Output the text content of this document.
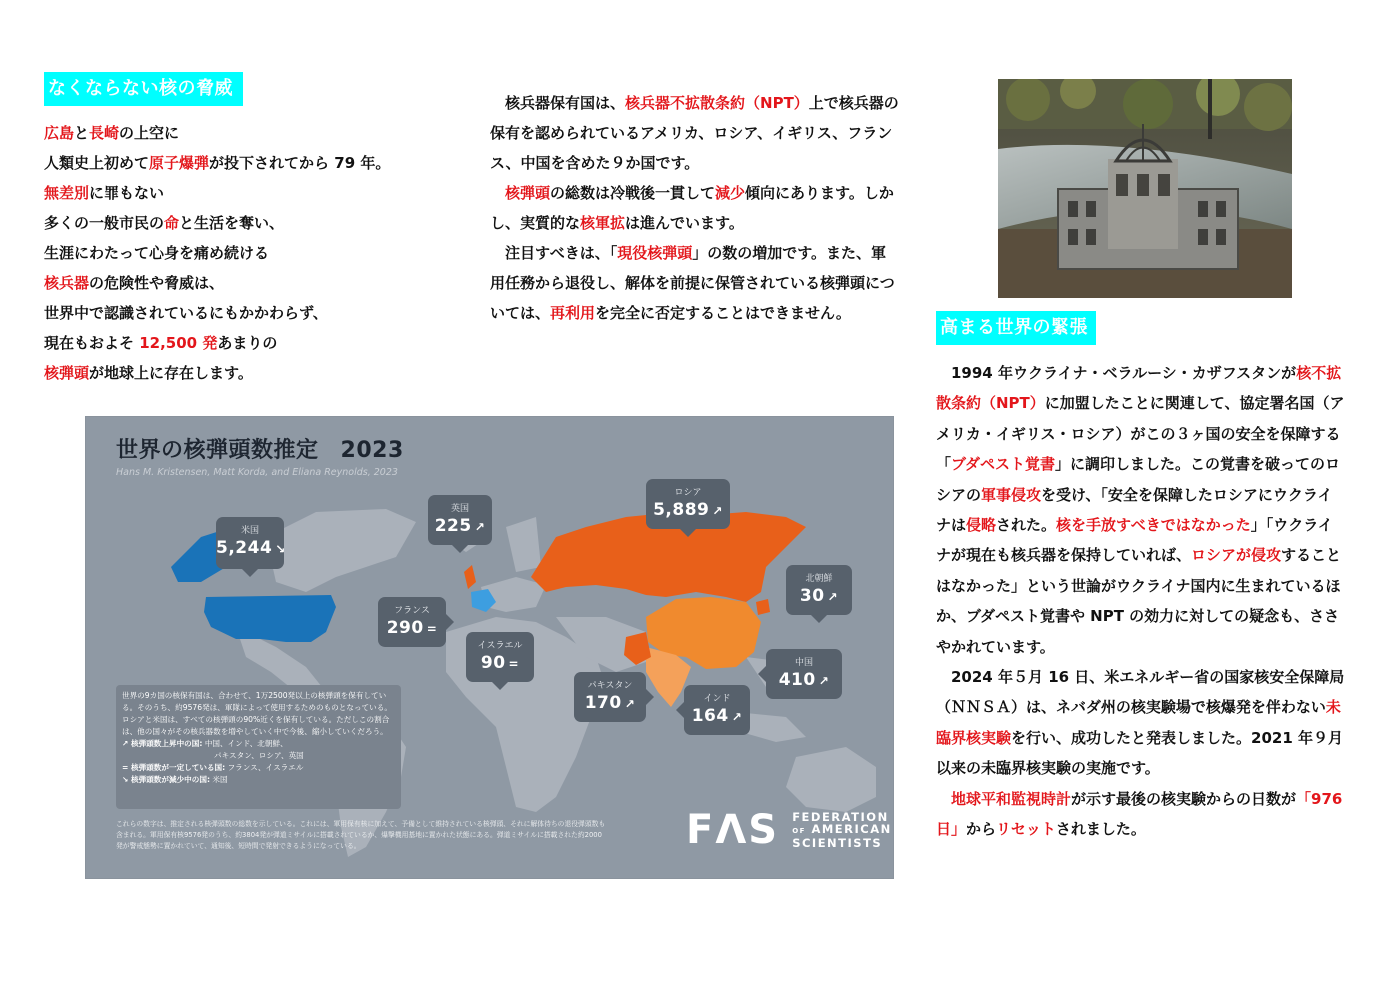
なくならない核の脅威
広島と長崎の上空に
人類史上初めて原子爆弾が投下されてから 79 年。
無差別に罪もない
多くの一般市民の命と生活を奪い、
生涯にわたって心身を痛め続ける
核兵器の危険性や脅威は、
世界中で認識されているにもかかわらず、
現在もおよそ 12,500 発あまりの
核弾頭が地球上に存在します。

核兵器保有国は、核兵器不拡散条約（NPT）上で核兵器の保有を認められているアメリカ、ロシア、イギリス、フランス、中国を含めた９か国です。

核弾頭の総数は冷戦後一貫して減少傾向にあります。しかし、実質的な核軍拡は進んでいます。

注目すべきは、「現役核弾頭」の数の増加です。また、軍用任務から退役し、解体を前提に保管されている核弾頭については、再利用を完全に否定することはできません。

高まる世界の緊張

1994 年ウクライナ・ベラルーシ・カザフスタンが核不拡散条約（NPT）に加盟したことに関連して、協定署名国（アメリカ・イギリス・ロシア）がこの３ヶ国の安全を保障する「ブダペスト覚書」に調印しました。この覚書を破ってのロシアの軍事侵攻を受け、「安全を保障したロシアにウクライナは侵略された。核を手放すべきではなかった」「ウクライナが現在も核兵器を保持していれば、ロシアが侵攻することはなかった」という世論がウクライナ国内に生まれているほか、ブダペスト覚書や NPT の効力に対しての疑念も、ささやかれています。

2024 年５月 16 日、米エネルギー省の国家核安全保障局（ＮＮＳＡ）は、ネバダ州の核実験場で核爆発を伴わない未臨界核実験を行い、成功したと発表しました。2021 年９月以来の未臨界核実験の実施です。

地球平和監視時計が示す最後の核実験からの日数が「976 日」からリセットされました。

世界の核弾頭数推定 2023
Hans M. Kristensen, Matt Korda, and Eliana Reynolds, 2023
米国
5,244 ↘
英国
225 ↗
ロシア
5,889 ↗
フランス
290 =
イスラエル
90 =
北朝鮮
30 ↗
中国
410 ↗
パキスタン
170 ↗	インド
164 ↗
世界の9カ国の核保有国は、合わせて、1万2500発以上の核弾頭を保有している。そのうち、約9576発は、軍隊によって使用するためのものとなっている。ロシアと米国は、すべての核弾頭の90%近くを保有している。ただしこの割合は、他の国々がその核兵器数を増やしていく中で今後、縮小していくだろう。
↗ 核弾頭数上昇中の国: 中国、インド、北朝鮮、
パキスタン、ロシア、英国
= 核弾頭数が一定している国: フランス、イスラエル
↘ 核弾頭数が減少中の国: 米国
これらの数字は、推定される核弾頭数の総数を示している。これには、軍用保有核に加えて、予備として維持されている核弾頭、それに解体待ちの退役弾頭数も含まれる。軍用保有核9576発のうち、約3804発が弾道ミサイルに搭載されているか、爆撃機用基地に置かれた状態にある。弾道ミサイルに搭載された約2000発が警戒態勢に置かれていて、通知後、短時間で発射できるようになっている。	FΛS FEDERATION
OF AMERICAN
SCIENTISTS
